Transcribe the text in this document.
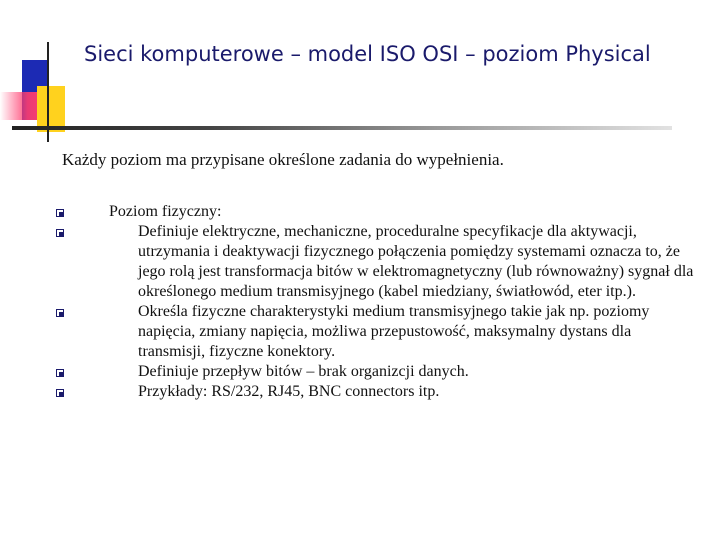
Sieci komputerowe – model ISO OSI – poziom Physical
Każdy poziom ma przypisane określone zadania do wypełnienia.
Poziom fizyczny:
Definiuje elektryczne, mechaniczne, proceduralne specyfikacje dla aktywacji, utrzymania i deaktywacji fizycznego połączenia pomiędzy systemami oznacza to, że jego rolą jest transformacja bitów w elektromagnetyczny (lub równoważny) sygnał dla określonego medium transmisyjnego (kabel miedziany, światłowód, eter itp.).
Określa fizyczne charakterystyki medium transmisyjnego takie jak np. poziomy napięcia, zmiany napięcia, możliwa przepustowość, maksymalny dystans dla transmisji, fizyczne konektory.
Definiuje przepływ bitów – brak organizcji danych.
Przykłady: RS/232, RJ45, BNC connectors itp.
